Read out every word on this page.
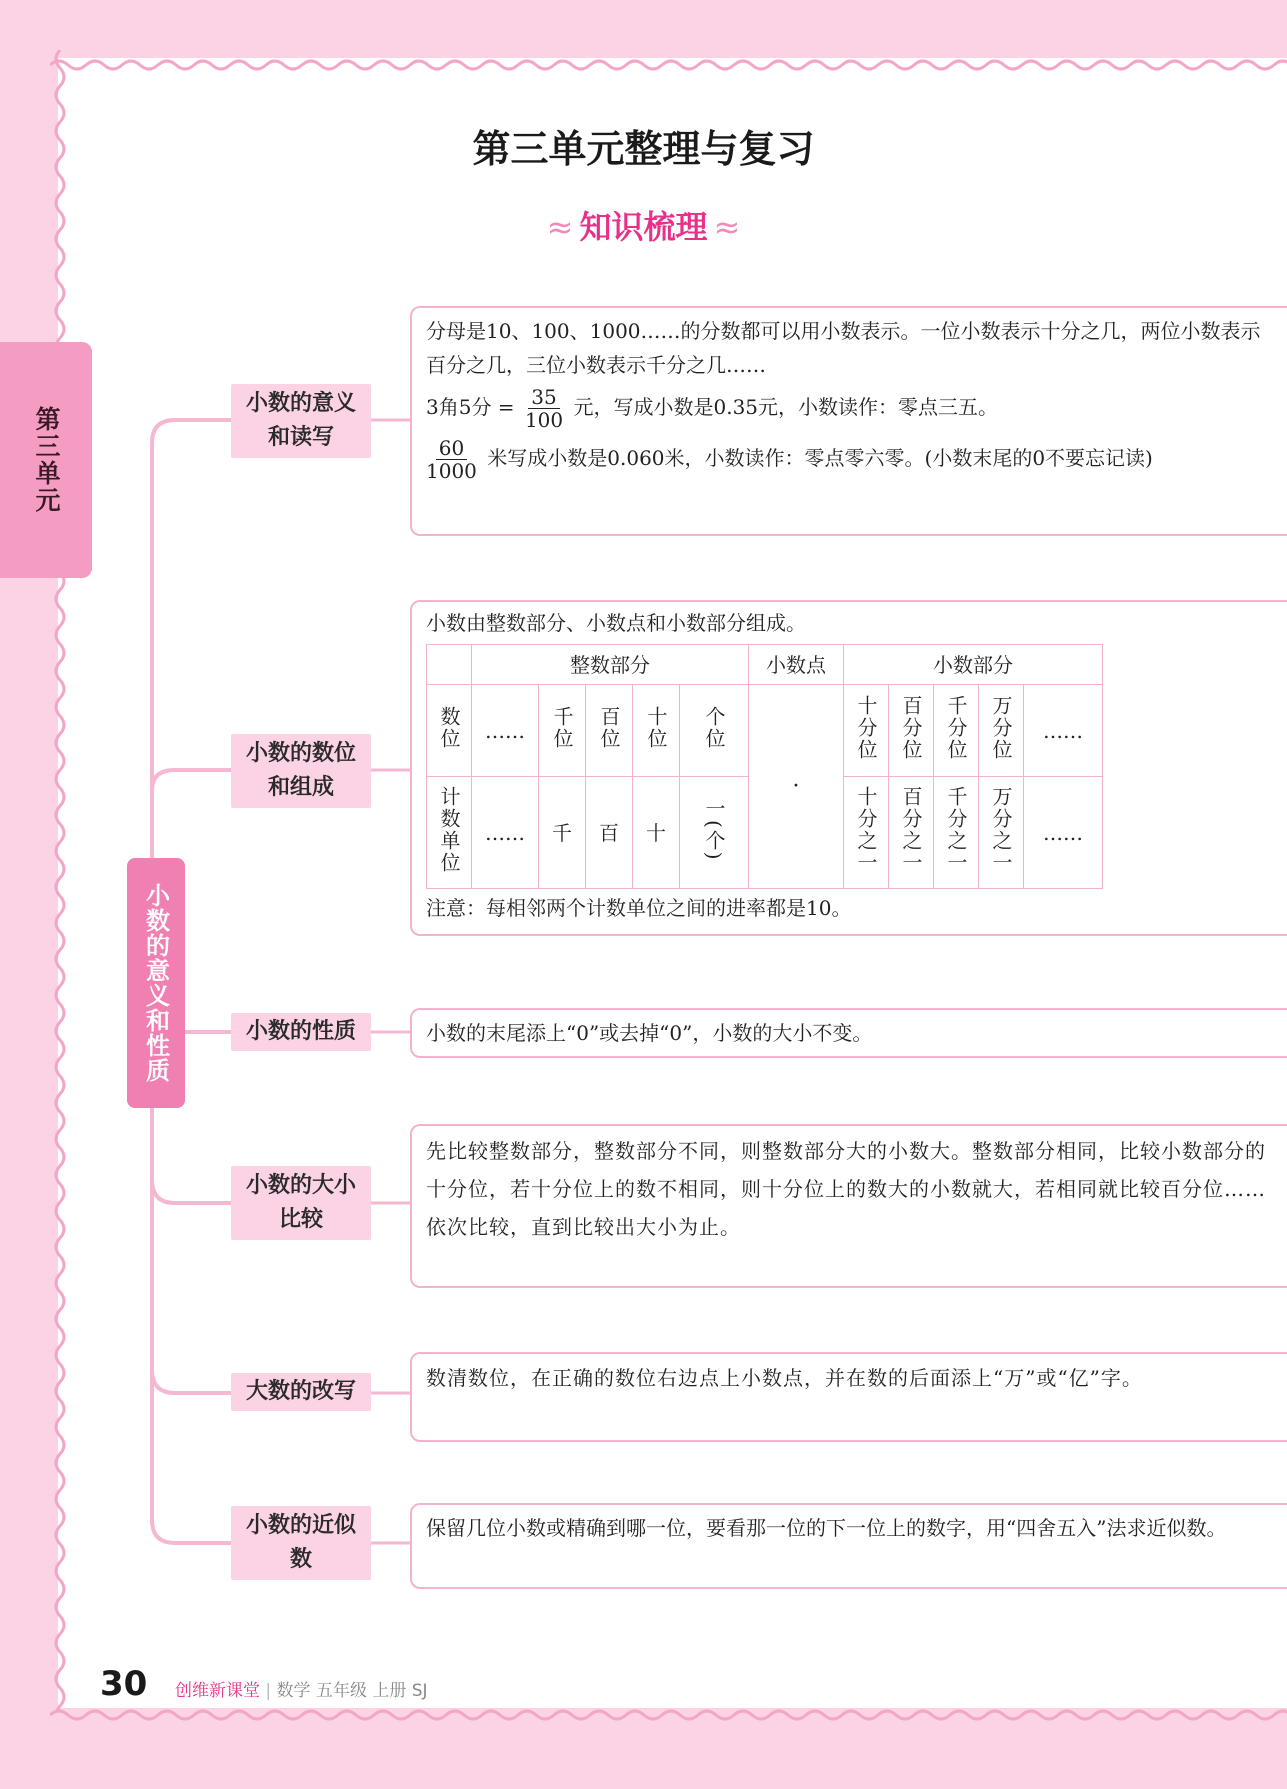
第三单元
第三单元整理与复习
≈ 知识梳理 ≈
小数的意义和性质
小数的意义和读写
分母是10、100、1000……的分数都可以用小数表示。一位小数表示十分之几，两位小数表示百分之几，三位小数表示千分之几……
3角5分 = $\frac{35}{100}$ 元，写成小数是0.35元，小数读作：零点三五。
$\frac{60}{1000}$ 米写成小数是0.060米，小数读作：零点零六零。(小数末尾的0不要忘记读)
小数的数位和组成
小数由整数部分、小数点和小数部分组成。
	整数部分					小数点	小数部分				
数位	……	千位	百位	十位	个位	·	十分位	百分位	千分位	万分位	……
计数单位	……	千	百	十	一(个)		十分之一	百分之一	千分之一	万分之一	……
注意：每相邻两个计数单位之间的进率都是10。
小数的性质	小数的末尾添上“0”或去掉“0”，小数的大小不变。
小数的大小比较
先比较整数部分，整数部分不同，则整数部分大的小数大。整数部分相同，比较小数部分的十分位，若十分位上的数不相同，则十分位上的数大的小数就大，若相同就比较百分位……依次比较，直到比较出大小为止。
大数的改写
数清数位，在正确的数位右边点上小数点，并在数的后面添上“万”或“亿”字。
小数的近似数
保留几位小数或精确到哪一位，要看那一位的下一位上的数字，用“四舍五入”法求近似数。
30 创维新课堂 | 数学 五年级 上册 SJ
